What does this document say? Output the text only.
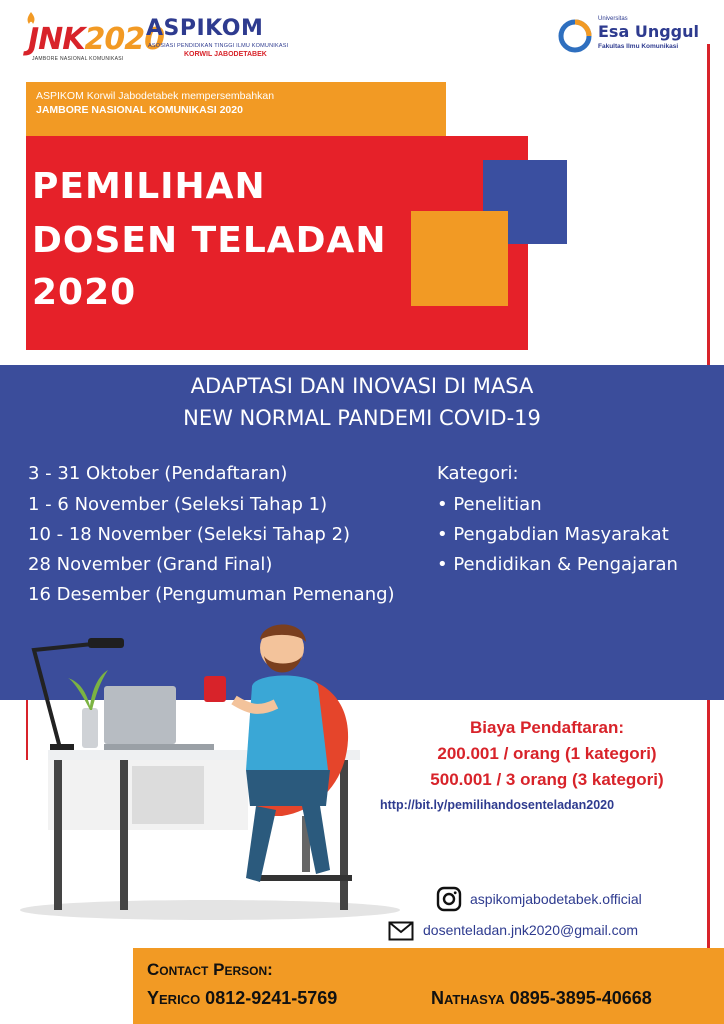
JNK2020
JAMBORE NASIONAL KOMUNIKASI
ASPIKOM
ASOSIASI PENDIDIKAN TINGGI ILMU KOMUNIKASI
KORWIL JABODETABEK
Universitas
Esa Unggul
Fakultas Ilmu Komunikasi
ASPIKOM Korwil Jabodetabek mempersembahkan
JAMBORE NASIONAL KOMUNIKASI 2020
PEMILIHAN
DOSEN TELADAN
2020
ADAPTASI DAN INOVASI DI MASA
NEW NORMAL PANDEMI COVID-19
3 - 31 Oktober (Pendaftaran)
1 - 6 November (Seleksi Tahap 1)
10 - 18 November (Seleksi Tahap 2)
28 November (Grand Final)
16 Desember (Pengumuman Pemenang)
Kategori:
• Penelitian
• Pengabdian Masyarakat
• Pendidikan & Pengajaran
Biaya Pendaftaran:
200.001 / orang (1 kategori)
500.001 / 3 orang (3 kategori)
http://bit.ly/pemilihandosenteladan2020
aspikomjabodetabek.official
dosenteladan.jnk2020@gmail.com
Contact Person:
Yerico 0812-9241-5769	Nathasya 0895-3895-40668
